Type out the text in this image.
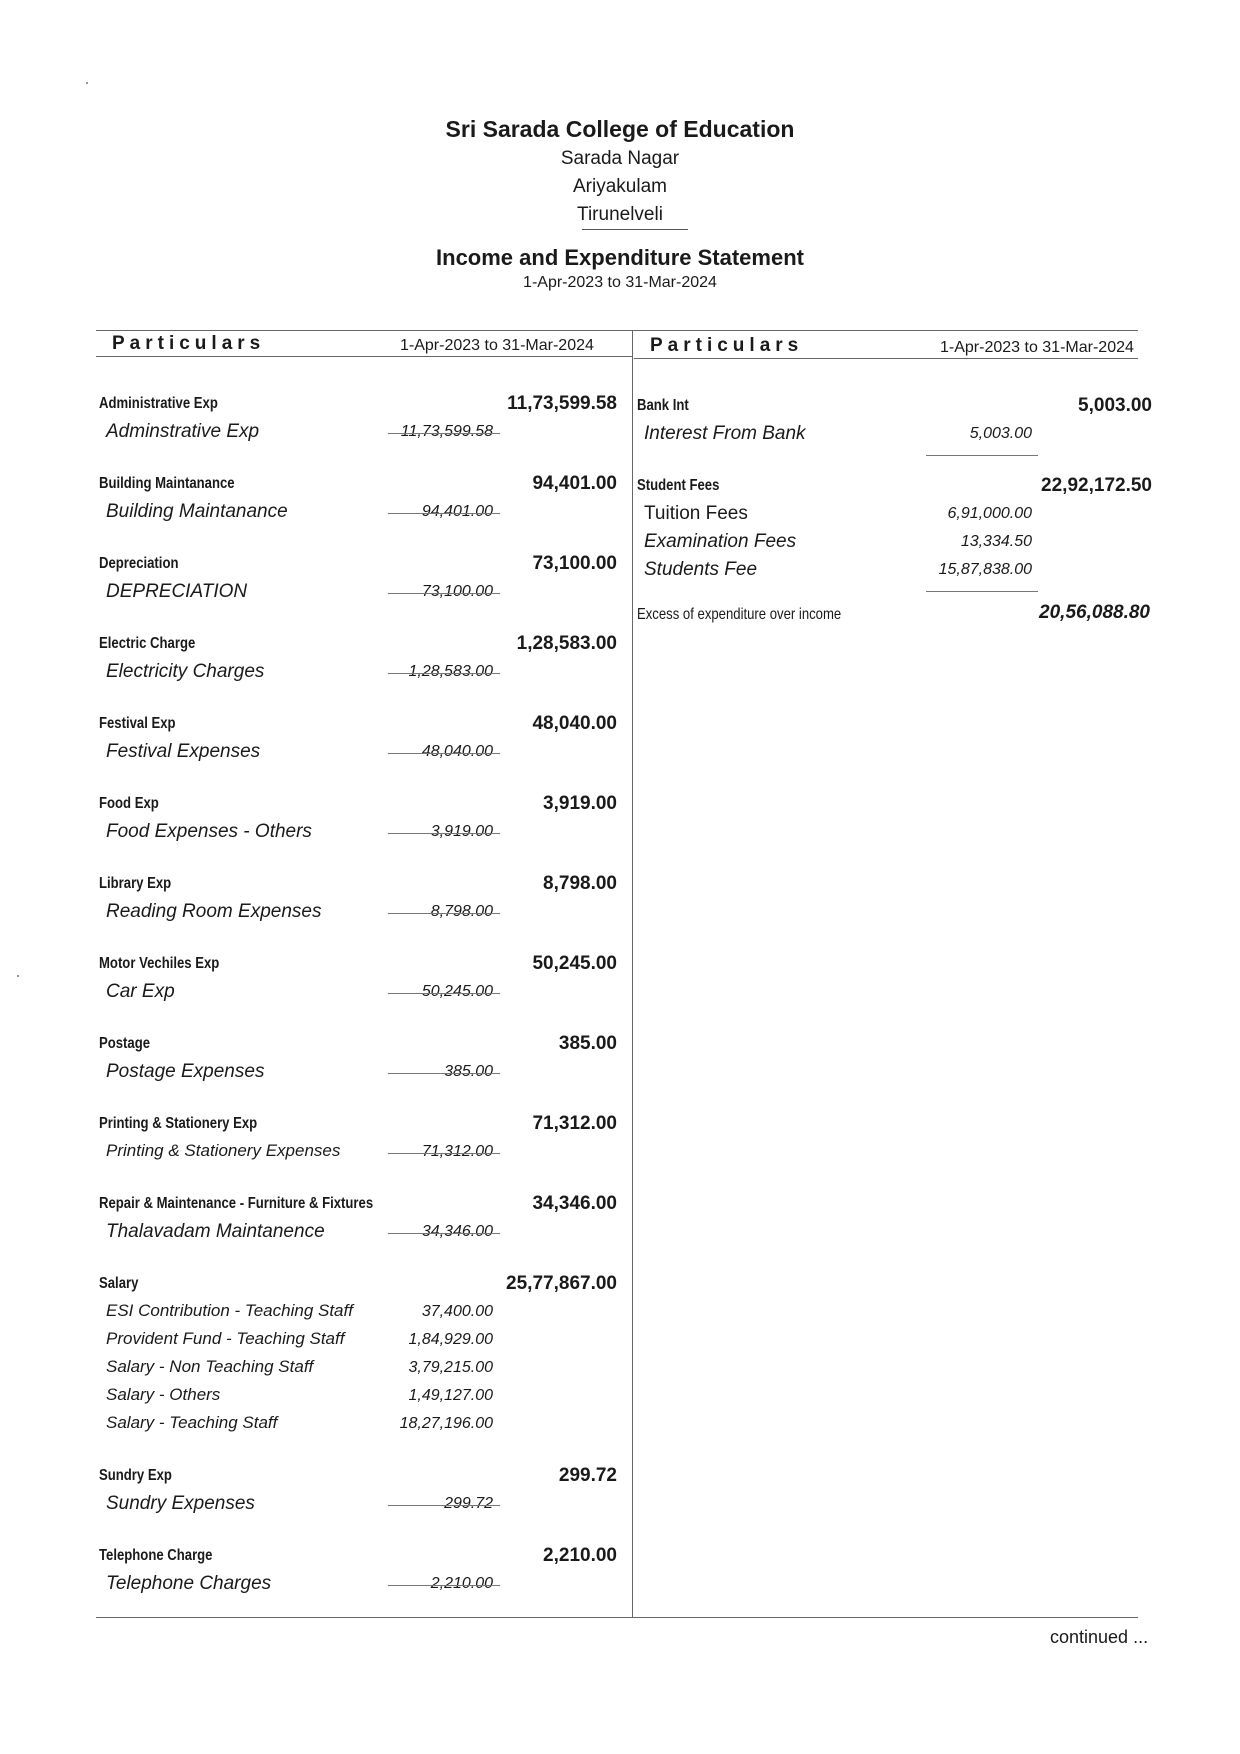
Sri Sarada College of Education
Sarada Nagar
Ariyakulam
Tirunelveli
Income and Expenditure Statement
1-Apr-2023 to 31-Mar-2024
Particulars	1-Apr-2023 to 31-Mar-2024	Particulars	1-Apr-2023 to 31-Mar-2024
Administrative Exp	11,73,599.58
Adminstrative Exp	11,73,599.58
Building Maintanance	94,401.00
Building Maintanance	94,401.00
Depreciation	73,100.00
DEPRECIATION	73,100.00
Electric Charge	1,28,583.00
Electricity Charges	1,28,583.00
Festival Exp	48,040.00
Festival Expenses	48,040.00
Food Exp	3,919.00
Food Expenses - Others	3,919.00
Library Exp	8,798.00
Reading Room Expenses	8,798.00
Motor Vechiles Exp	50,245.00
Car Exp	50,245.00
Postage	385.00
Postage Expenses	385.00
Printing & Stationery Exp	71,312.00
Printing & Stationery Expenses	71,312.00
Repair & Maintenance - Furniture & Fixtures	34,346.00
Thalavadam Maintanence	34,346.00
Salary	25,77,867.00
ESI Contribution - Teaching Staff	37,400.00
Provident Fund - Teaching Staff	1,84,929.00
Salary - Non Teaching Staff	3,79,215.00
Salary - Others	1,49,127.00
Salary - Teaching Staff	18,27,196.00
Sundry Exp	299.72
Sundry Expenses	299.72
Telephone Charge	2,210.00
Telephone Charges	2,210.00
Bank Int	5,003.00
Interest From Bank	5,003.00
Student Fees	22,92,172.50
Tuition Fees	6,91,000.00
Examination Fees	13,334.50
Students Fee	15,87,838.00
Excess of expenditure over income	20,56,088.80
continued ...
